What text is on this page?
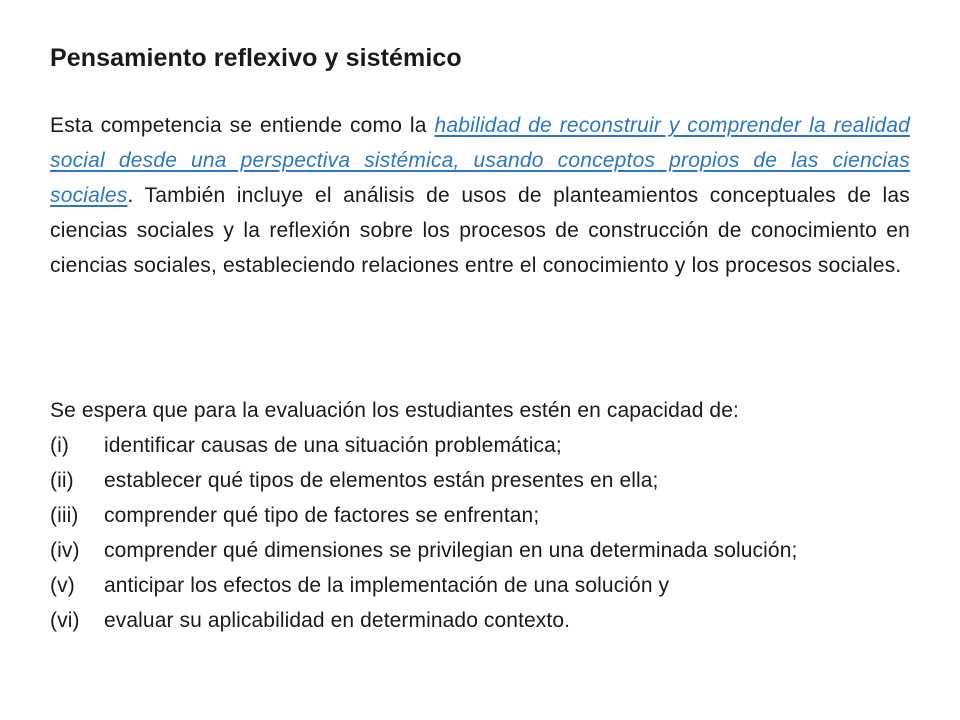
Pensamiento reflexivo y sistémico
Esta competencia se entiende como la habilidad de reconstruir y comprender la realidad social desde una perspectiva sistémica, usando conceptos propios de las ciencias sociales. También incluye el análisis de usos de planteamientos conceptuales de las ciencias sociales y la reflexión sobre los procesos de construcción de conocimiento en ciencias sociales, estableciendo relaciones entre el conocimiento y los procesos sociales.
Se espera que para la evaluación los estudiantes estén en capacidad de:
(i)	identificar causas de una situación problemática;
(ii)	establecer qué tipos de elementos están presentes en ella;
(iii)	comprender qué tipo de factores se enfrentan;
(iv)	comprender qué dimensiones se privilegian en una determinada solución;
(v)	anticipar los efectos de la implementación de una solución y
(vi)	evaluar su aplicabilidad en determinado contexto.
